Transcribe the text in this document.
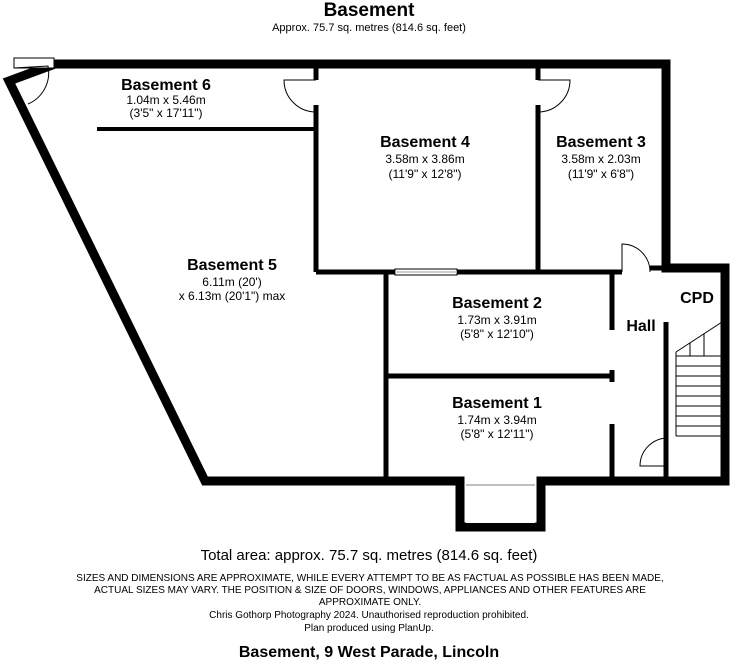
Basement
Approx. 75.7 sq. metres (814.6 sq. feet)
Basement 6
1.04m x 5.46m
(3'5" x 17'11")
Basement 4
3.58m x 3.86m
(11'9" x 12'8")
Basement 3
3.58m x 2.03m
(11'9" x 6'8")
Basement 5
6.11m (20')
x 6.13m (20'1") max	Basement 2
1.73m x 3.91m
(5'8" x 12'10")
Basement 1
1.74m x 3.94m
(5'8" x 12'11")
Hall
CPD
Total area: approx. 75.7 sq. metres (814.6 sq. feet)
SIZES AND DIMENSIONS ARE APPROXIMATE, WHILE EVERY ATTEMPT TO BE AS FACTUAL AS POSSIBLE HAS BEEN MADE, ACTUAL SIZES MAY VARY. THE POSITION & SIZE OF DOORS, WINDOWS, APPLIANCES AND OTHER FEATURES ARE APPROXIMATE ONLY.
Chris Gothorp Photography 2024. Unauthorised reproduction prohibited.
Plan produced using PlanUp.
Basement, 9 West Parade, Lincoln
